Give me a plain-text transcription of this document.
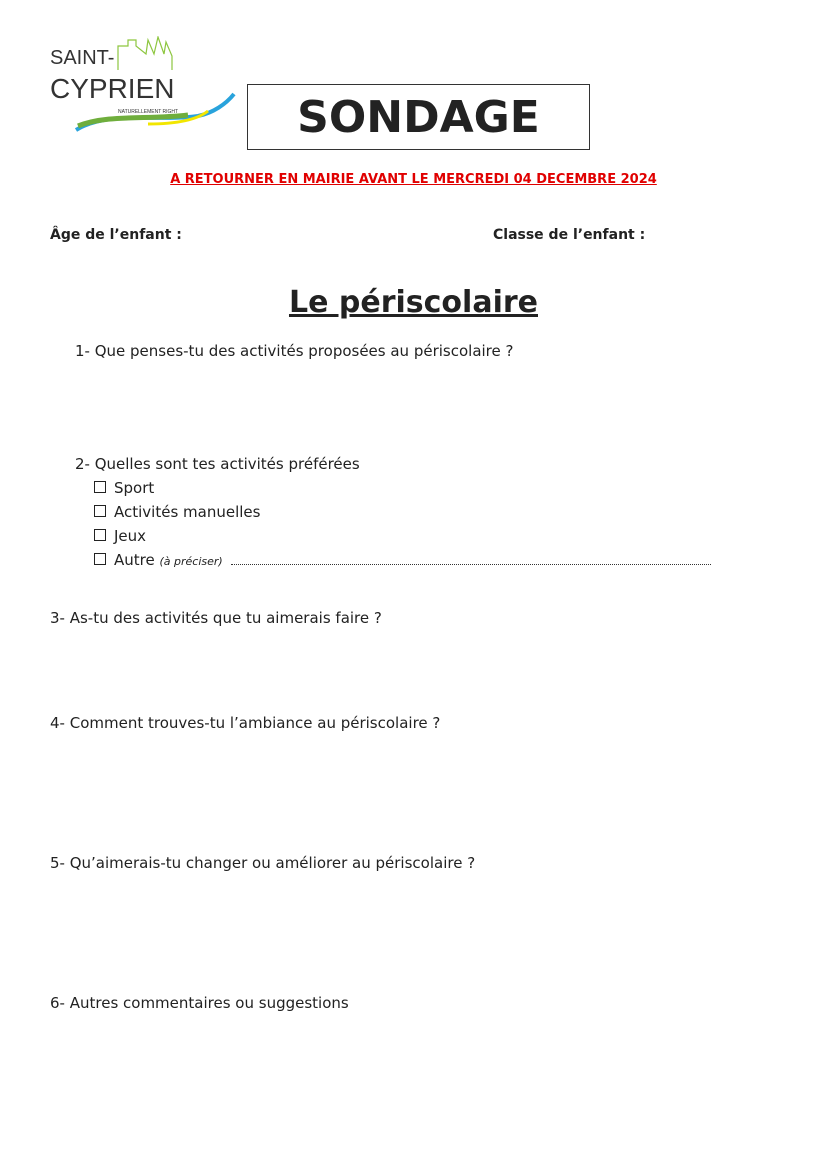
SAINT-
CYPRIEN
NATURELLEMENT RIGHT	SONDAGE
A RETOURNER EN MAIRIE AVANT LE MERCREDI 04 DECEMBRE 2024
Âge de l’enfant :	Classe de l’enfant :
Le périscolaire
1- Que penses-tu des activités proposées au périscolaire ?
2- Quelles sont tes activités préférées
Sport
Activités manuelles
Jeux
Autre (à préciser)
3- As-tu des activités que tu aimerais faire ?
4- Comment trouves-tu l’ambiance au périscolaire ?
5- Qu’aimerais-tu changer ou améliorer au périscolaire ?
6- Autres commentaires ou suggestions
